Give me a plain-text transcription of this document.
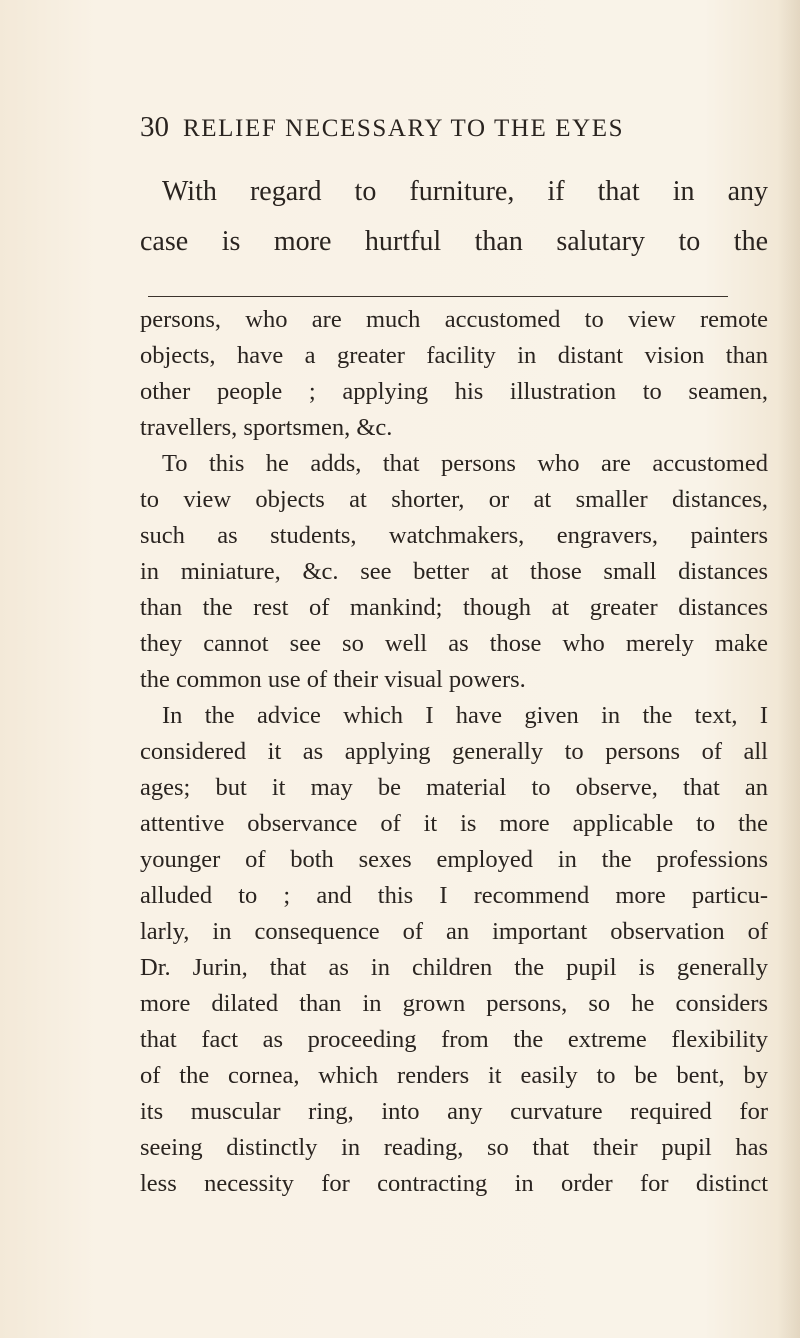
30 RELIEF NECESSARY TO THE EYES
With regard to furniture, if that in any
case is more hurtful than salutary to the
persons, who are much accustomed to view remote
objects, have a greater facility in distant vision than
other people ; applying his illustration to seamen,
travellers, sportsmen, &c.
To this he adds, that persons who are accustomed
to view objects at shorter, or at smaller distances,
such as students, watchmakers, engravers, painters
in miniature, &c. see better at those small distances
than the rest of mankind; though at greater distances
they cannot see so well as those who merely make
the common use of their visual powers.
In the advice which I have given in the text, I
considered it as applying generally to persons of all
ages; but it may be material to observe, that an
attentive observance of it is more applicable to the
younger of both sexes employed in the professions
alluded to ; and this I recommend more particu-
larly, in consequence of an important observation of
Dr. Jurin, that as in children the pupil is generally
more dilated than in grown persons, so he considers
that fact as proceeding from the extreme flexibility
of the cornea, which renders it easily to be bent, by
its muscular ring, into any curvature required for
seeing distinctly in reading, so that their pupil has
less necessity for contracting in order for distinct
